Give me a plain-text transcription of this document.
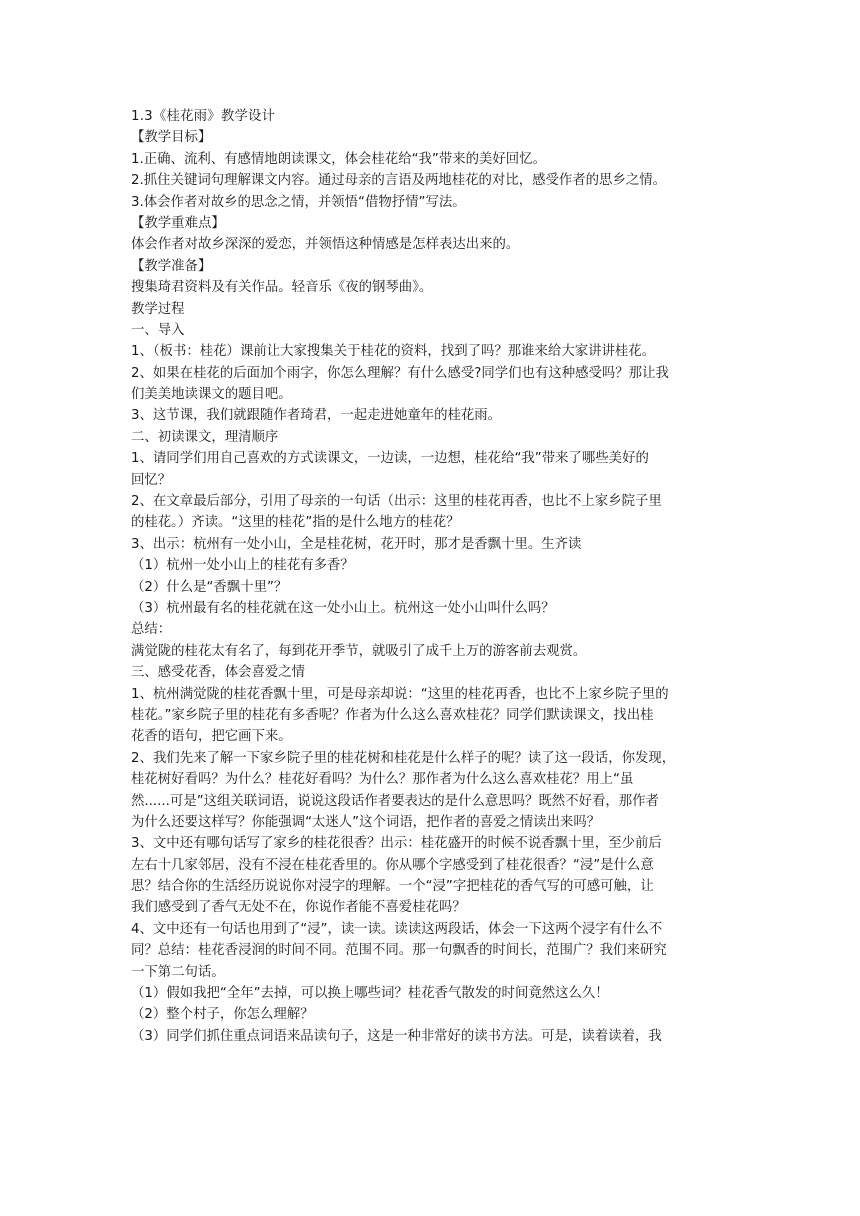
1.3《桂花雨》教学设计
【教学目标】
1.正确、流利、有感情地朗读课文，体会桂花给“我”带来的美好回忆。
2.抓住关键词句理解课文内容。通过母亲的言语及两地桂花的对比，感受作者的思乡之情。
3.体会作者对故乡的思念之情，并领悟“借物抒情”写法。
【教学重难点】
体会作者对故乡深深的爱恋，并领悟这种情感是怎样表达出来的。
【教学准备】
搜集琦君资料及有关作品。轻音乐《夜的钢琴曲》。
教学过程
一、导入
1、（板书：桂花）课前让大家搜集关于桂花的资料，找到了吗？那谁来给大家讲讲桂花。
2、如果在桂花的后面加个雨字，你怎么理解？有什么感受?同学们也有这种感受吗？那让我
们美美地读课文的题目吧。
3、这节课，我们就跟随作者琦君，一起走进她童年的桂花雨。
二、初读课文，理清顺序
1、请同学们用自己喜欢的方式读课文，一边读，一边想，桂花给“我”带来了哪些美好的
回忆？
2、在文章最后部分，引用了母亲的一句话（出示：这里的桂花再香，也比不上家乡院子里
的桂花。）齐读。“这里的桂花”指的是什么地方的桂花？
3、出示：杭州有一处小山，全是桂花树，花开时，那才是香飘十里。生齐读
（1）杭州一处小山上的桂花有多香？
（2）什么是“香飘十里”？
（3）杭州最有名的桂花就在这一处小山上。杭州这一处小山叫什么吗？
总结：
满觉陇的桂花太有名了，每到花开季节，就吸引了成千上万的游客前去观赏。
三、感受花香，体会喜爱之情
1、杭州满觉陇的桂花香飘十里，可是母亲却说：“这里的桂花再香，也比不上家乡院子里的
桂花。”家乡院子里的桂花有多香呢？作者为什么这么喜欢桂花？同学们默读课文，找出桂
花香的语句，把它画下来。
2、我们先来了解一下家乡院子里的桂花树和桂花是什么样子的呢？读了这一段话，你发现，
桂花树好看吗？为什么？桂花好看吗？为什么？那作者为什么这么喜欢桂花？用上“虽
然......可是”这组关联词语，说说这段话作者要表达的是什么意思吗？既然不好看，那作者
为什么还要这样写？你能强调“太迷人”这个词语，把作者的喜爱之情读出来吗？
3、文中还有哪句话写了家乡的桂花很香？出示：桂花盛开的时候不说香飘十里，至少前后
左右十几家邻居，没有不浸在桂花香里的。你从哪个字感受到了桂花很香？“浸”是什么意
思？结合你的生活经历说说你对浸字的理解。一个“浸”字把桂花的香气写的可感可触，让
我们感受到了香气无处不在，你说作者能不喜爱桂花吗？
4、文中还有一句话也用到了“浸”，读一读。读读这两段话，体会一下这两个浸字有什么不
同？总结：桂花香浸润的时间不同。范围不同。那一句飘香的时间长，范围广？我们来研究
一下第二句话。
（1）假如我把“全年”去掉，可以换上哪些词？桂花香气散发的时间竟然这么久！
（2）整个村子，你怎么理解？
（3）同学们抓住重点词语来品读句子，这是一种非常好的读书方法。可是，读着读着，我
